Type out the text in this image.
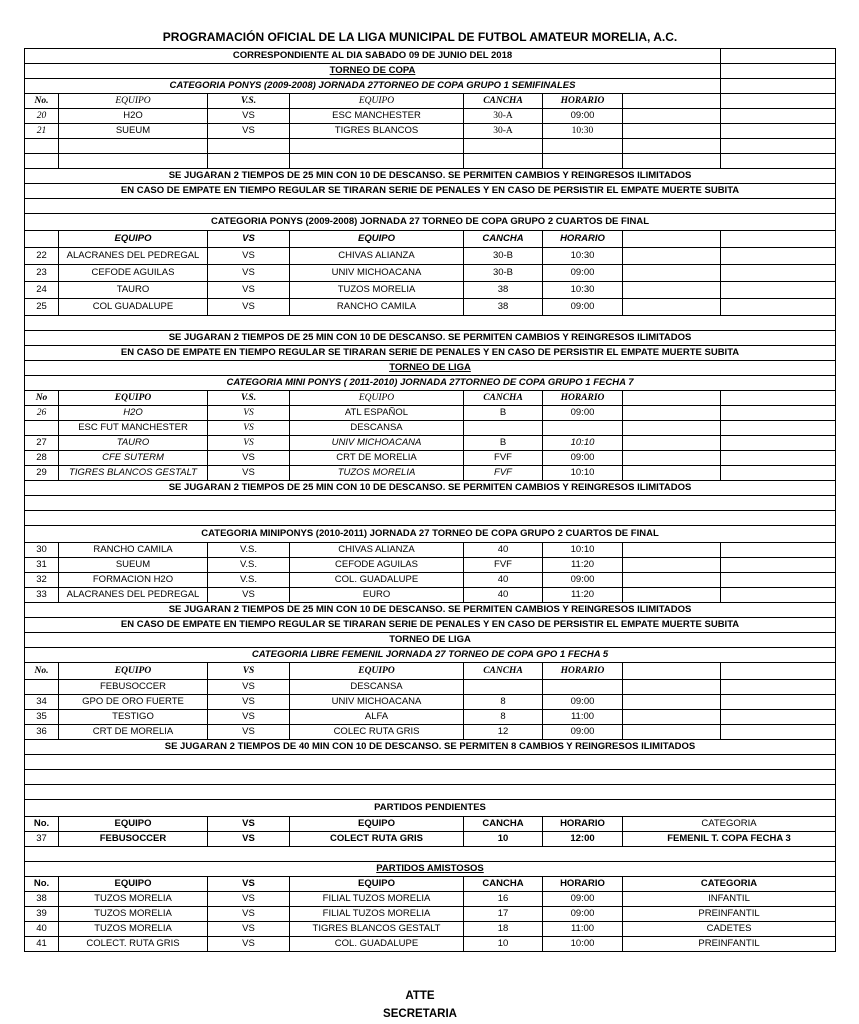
PROGRAMACIÓN OFICIAL DE LA LIGA MUNICIPAL DE FUTBOL AMATEUR MORELIA, A.C.
CORRESPONDIENTE AL DIA SABADO 09 DE JUNIO DEL 2018							
TORNEO DE COPA							
CATEGORIA PONYS (2009-2008) JORNADA 27TORNEO DE COPA GRUPO 1 SEMIFINALES							
No.	EQUIPO	V.S.	EQUIPO	CANCHA	HORARIO		
20	H2O	VS	ESC MANCHESTER	30-A	09:00		
21	SUEUM	VS	TIGRES BLANCOS	30-A	10:30		

SE JUGARAN 2 TIEMPOS DE 25 MIN CON 10 DE DESCANSO. SE PERMITEN CAMBIOS Y REINGRESOS ILIMITADOS							
EN CASO DE EMPATE EN TIEMPO REGULAR SE TIRARAN SERIE DE PENALES Y EN CASO DE PERSISTIR EL EMPATE MUERTE SUBITA							

CATEGORIA PONYS (2009-2008) JORNADA 27 TORNEO DE COPA GRUPO 2 CUARTOS DE FINAL							
	EQUIPO	VS	EQUIPO	CANCHA	HORARIO		
22	ALACRANES DEL PEDREGAL	VS	CHIVAS ALIANZA	30-B	10:30		
23	CEFODE AGUILAS	VS	UNIV MICHOACANA	30-B	09:00		
24	TAURO	VS	TUZOS MORELIA	38	10:30		
25	COL GUADALUPE	VS	RANCHO CAMILA	38	09:00		

SE JUGARAN 2 TIEMPOS DE 25 MIN CON 10 DE DESCANSO. SE PERMITEN CAMBIOS Y REINGRESOS ILIMITADOS							
EN CASO DE EMPATE EN TIEMPO REGULAR SE TIRARAN SERIE DE PENALES Y EN CASO DE PERSISTIR EL EMPATE MUERTE SUBITA							
TORNEO DE LIGA							
CATEGORIA MINI PONYS ( 2011-2010) JORNADA 27TORNEO DE COPA GRUPO 1 FECHA 7							
No	EQUIPO	V.S.	EQUIPO	CANCHA	HORARIO		
26	H2O	VS	ATL ESPAÑOL	B	09:00		
	ESC FUT MANCHESTER	VS	DESCANSA				
27	TAURO	VS	UNIV MICHOACANA	B	10:10		
28	CFE SUTERM	VS	CRT DE MORELIA	FVF	09:00		
29	TIGRES BLANCOS GESTALT	VS	TUZOS MORELIA	FVF	10:10		
SE JUGARAN 2 TIEMPOS DE 25 MIN CON 10 DE DESCANSO. SE PERMITEN CAMBIOS Y REINGRESOS ILIMITADOS							

CATEGORIA MINIPONYS (2010-2011) JORNADA 27 TORNEO DE COPA GRUPO 2 CUARTOS DE FINAL							
30	RANCHO CAMILA	V.S.	CHIVAS ALIANZA	40	10:10		
31	SUEUM	V.S.	CEFODE AGUILAS	FVF	11:20		
32	FORMACION H2O	V.S.	COL. GUADALUPE	40	09:00		
33	ALACRANES DEL PEDREGAL	VS	EURO	40	11:20		
SE JUGARAN 2 TIEMPOS DE 25 MIN CON 10 DE DESCANSO. SE PERMITEN CAMBIOS Y REINGRESOS ILIMITADOS							
EN CASO DE EMPATE EN TIEMPO REGULAR SE TIRARAN SERIE DE PENALES Y EN CASO DE PERSISTIR EL EMPATE MUERTE SUBITA							
TORNEO DE LIGA							
CATEGORIA LIBRE FEMENIL JORNADA 27 TORNEO DE COPA GPO 1 FECHA 5							
No.	EQUIPO	VS	EQUIPO	CANCHA	HORARIO		
	FEBUSOCCER	VS	DESCANSA				
34	GPO DE ORO FUERTE	VS	UNIV MICHOACANA	8	09:00		
35	TESTIGO	VS	ALFA	8	11:00		
36	CRT DE MORELIA	VS	COLEC RUTA GRIS	12	09:00		
SE JUGARAN 2 TIEMPOS DE 40 MIN CON 10 DE DESCANSO. SE PERMITEN 8 CAMBIOS Y REINGRESOS ILIMITADOS							

PARTIDOS PENDIENTES							
No.	EQUIPO	VS	EQUIPO	CANCHA	HORARIO	CATEGORIA	
37	FEBUSOCCER	VS	COLECT RUTA GRIS	10	12:00	FEMENIL T. COPA FECHA 3	

PARTIDOS AMISTOSOS							
No.	EQUIPO	VS	EQUIPO	CANCHA	HORARIO	CATEGORIA	
38	TUZOS MORELIA	VS	FILIAL TUZOS MORELIA	16	09:00	INFANTIL	
39	TUZOS MORELIA	VS	FILIAL TUZOS MORELIA	17	09:00	PREINFANTIL	
40	TUZOS MORELIA	VS	TIGRES BLANCOS GESTALT	18	11:00	CADETES	
41	COLECT. RUTA GRIS	VS	COL. GUADALUPE	10	10:00	PREINFANTIL	
ATTE
SECRETARIA
